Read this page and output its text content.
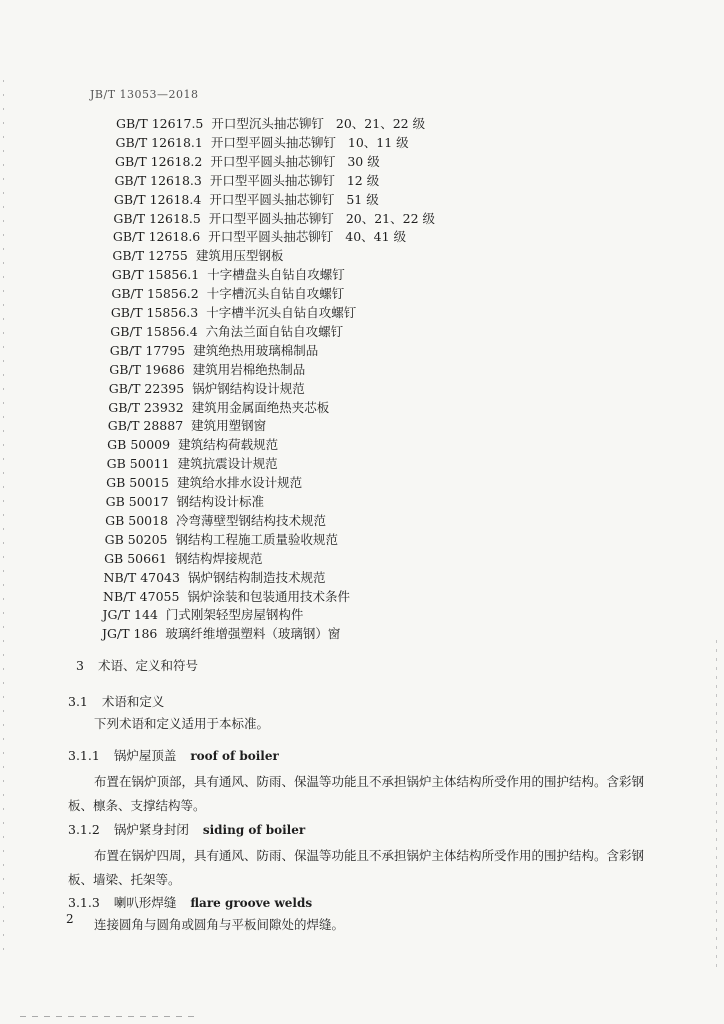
JB/T 13053—2018
GB/T 12617.5 开口型沉头抽芯铆钉 20、21、22 级
GB/T 12618.1 开口型平圆头抽芯铆钉 10、11 级
GB/T 12618.2 开口型平圆头抽芯铆钉 30 级
GB/T 12618.3 开口型平圆头抽芯铆钉 12 级
GB/T 12618.4 开口型平圆头抽芯铆钉 51 级
GB/T 12618.5 开口型平圆头抽芯铆钉 20、21、22 级
GB/T 12618.6 开口型平圆头抽芯铆钉 40、41 级
GB/T 12755 建筑用压型钢板
GB/T 15856.1 十字槽盘头自钻自攻螺钉
GB/T 15856.2 十字槽沉头自钻自攻螺钉
GB/T 15856.3 十字槽半沉头自钻自攻螺钉
GB/T 15856.4 六角法兰面自钻自攻螺钉
GB/T 17795 建筑绝热用玻璃棉制品
GB/T 19686 建筑用岩棉绝热制品
GB/T 22395 锅炉钢结构设计规范
GB/T 23932 建筑用金属面绝热夹芯板
GB/T 28887 建筑用塑钢窗
GB 50009 建筑结构荷载规范
GB 50011 建筑抗震设计规范
GB 50015 建筑给水排水设计规范
GB 50017 钢结构设计标准
GB 50018 冷弯薄壁型钢结构技术规范
GB 50205 钢结构工程施工质量验收规范
GB 50661 钢结构焊接规范
NB/T 47043 锅炉钢结构制造技术规范
NB/T 47055 锅炉涂装和包装通用技术条件
JG/T 144 门式刚架轻型房屋钢构件
JG/T 186 玻璃纤维增强塑料（玻璃钢）窗
3 术语、定义和符号
3.1 术语和定义
下列术语和定义适用于本标准。
3.1.1 锅炉屋顶盖 roof of boiler
布置在锅炉顶部，具有通风、防雨、保温等功能且不承担锅炉主体结构所受作用的围护结构。含彩钢板、檩条、支撑结构等。
3.1.2 锅炉紧身封闭 siding of boiler
布置在锅炉四周，具有通风、防雨、保温等功能且不承担锅炉主体结构所受作用的围护结构。含彩钢板、墙梁、托架等。
3.1.3 喇叭形焊缝 flare groove welds
连接圆角与圆角或圆角与平板间隙处的焊缝。
2
